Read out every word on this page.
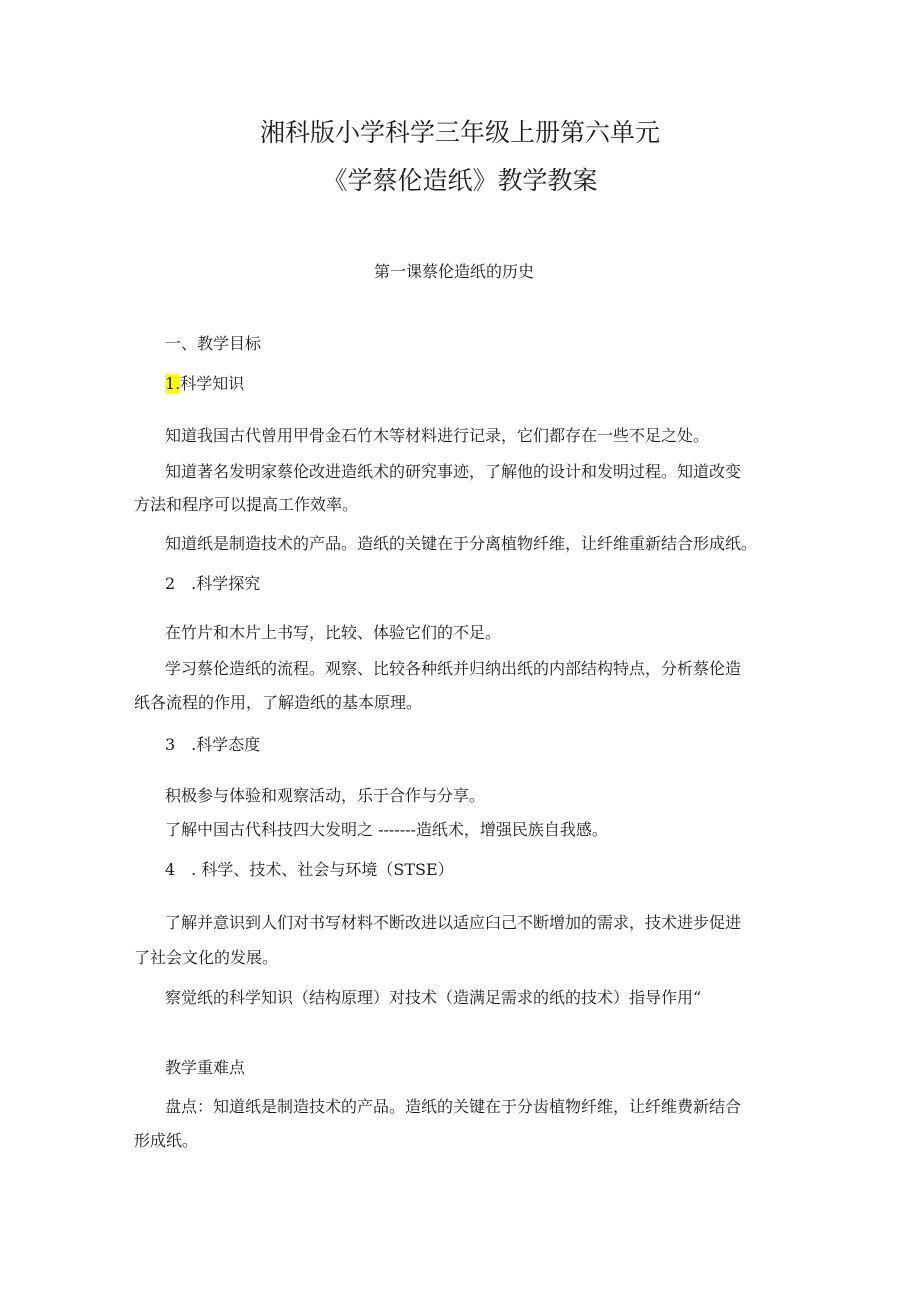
湘科版小学科学三年级上册第六单元
《学蔡伦造纸》教学教案
第一课蔡伦造纸的历史
一、教学目标
1.科学知识
知道我国古代曾用甲骨金石竹木等材料进行记录，它们都存在一些不足之处。
知道著名发明家蔡伦改进造纸术的研究事迹，了解他的设计和发明过程。知道改变
方法和程序可以提高工作效率。
知道纸是制造技术的产品。造纸的关键在于分离植物纤维，让纤维重新结合形成纸。
2　.科学探究
在竹片和木片上书写，比较、体验它们的不足。
学习蔡伦造纸的流程。观察、比较各种纸并归纳出纸的内部结构特点，分析蔡伦造
纸各流程的作用，了解造纸的基本原理。
3　.科学态度
积极参与体验和观察活动，乐于合作与分享。
了解中国古代科技四大发明之 -------造纸术，增强民族自我感。
4　. 科学、技术、社会与环境（STSE）
了解并意识到人们对书写材料不断改进以适应臼己不断增加的需求，技术进步促进
了社会文化的发展。
察觉纸的科学知识（结构原理）对技术（造满足需求的纸的技术）指导作用“
教学重难点
盘点：知道纸是制造技术的产品。造纸的关键在于分齿植物纤维，让纤维费新结合
形成纸。
